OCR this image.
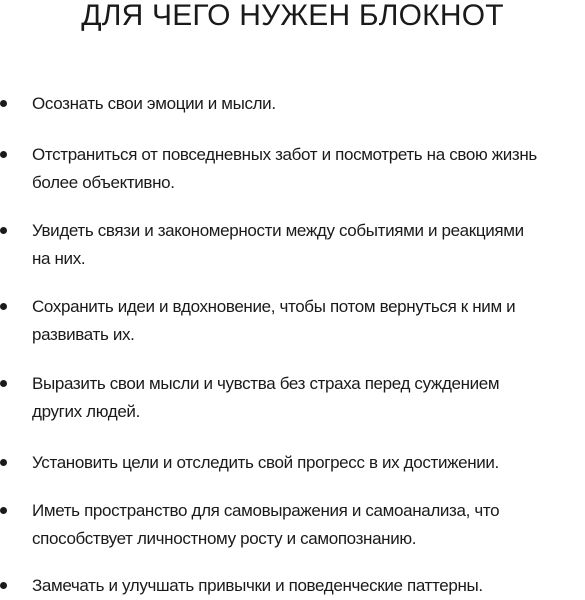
ДЛЯ ЧЕГО НУЖЕН БЛОКНОТ
Осознать свои эмоции и мысли.
Отстраниться от повседневных забот и посмотреть на свою жизнь
более объективно.
Увидеть связи и закономерности между событиями и реакциями
на них.
Сохранить идеи и вдохновение, чтобы потом вернуться к ним и
развивать их.
Выразить свои мысли и чувства без страха перед суждением
других людей.
Установить цели и отследить свой прогресс в их достижении.
Иметь пространство для самовыражения и самоанализа, что
способствует личностному росту и самопознанию.
Замечать и улучшать привычки и поведенческие паттерны.
